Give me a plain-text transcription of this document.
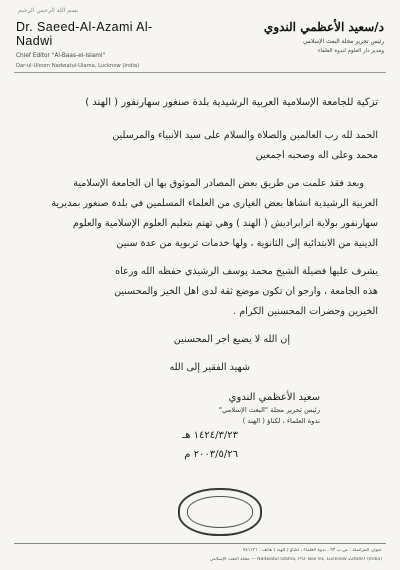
بسم الله الرحمن الرحيم
Dr. Saeed-Al-Azami Al-Nadwi
Chief Editor "Al-Baas-el-Islami"
Dar-ul-Uloom Nadwatul-Ulama, Lucknow (India)
د/سعيد الأعظمي الندوي
رئيس تحرير مجلة البعث الإسلامي
ومدير دار العلوم لندوة العلماء
تزكية للجامعة الإسلامية العربية الرشيدية بلدة صنغور سهارنفور ( الهند )
الحمد لله رب العالمين والصلاة والسلام على سيد الأنبياء والمرسلين
محمد وعلى آله وصحبه أجمعين
وبعد فقد علمت من طريق بعض المصادر الموثوق بها أن الجامعة الإسلامية
العربية الرشيدية أنشأها بعض الغيارى من العلماء المسلمين في بلدة صنغور بمديرية
سهارنفور بولاية اترابراديش ( الهند ) وهي تهتم بتعليم العلوم الإسلامية والعلوم
الدينية من الابتدائية إلى الثانوية ، ولها خدمات تربوية من عدة سنين
يشرف عليها فضيلة الشيخ محمد يوسف الرشيدي حفظه الله ورعاه
هذه الجامعة ، وأرجو أن تكون موضع ثقة لدى أهل الخير والمحسنين
الخيرين وحضرات المحسنين الكرام .
إن الله لا يضيع أجر المحسنين
شهيد الفقير إلى الله
سعيد الأعظمي الندوي
رئيس تحرير مجلة "البعث الإسلامي"
ندوة العلماء ، لكناؤ ( الهند )
١٤٢٤/٣/٢٣ هـ
٢٠٠٣/٥/٢٦ م
عنوان المراسلة : ص ب ٩٣ ، ندوة العلماء ، لكناؤ ( الهند ) هاتف : ٧٤١١٢١
Nadwatul Ulama, P.O. Box 93, Lucknow 226007 (India) — مجلة البعث الإسلامي
